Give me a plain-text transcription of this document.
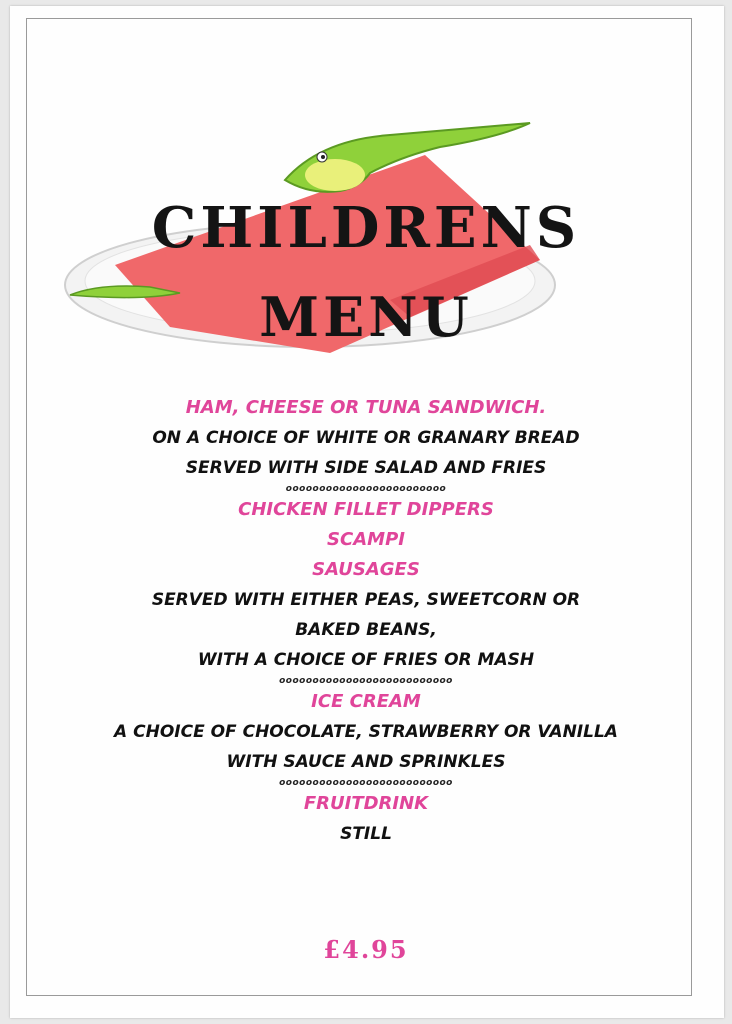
CHILDRENS
MENU
HAM, CHEESE OR TUNA SANDWICH.
ON A CHOICE OF WHITE OR GRANARY BREAD
SERVED WITH SIDE SALAD AND FRIES
oooooooooooooooooooooooo
CHICKEN FILLET DIPPERS
SCAMPI
SAUSAGES
SERVED WITH EITHER PEAS, SWEETCORN OR
BAKED BEANS,
WITH A CHOICE OF FRIES OR MASH
oooooooooooooooooooooooooo
ICE CREAM
A CHOICE OF CHOCOLATE, STRAWBERRY OR VANILLA
WITH SAUCE AND SPRINKLES
oooooooooooooooooooooooooo
FRUITDRINK
STILL
£4.95
